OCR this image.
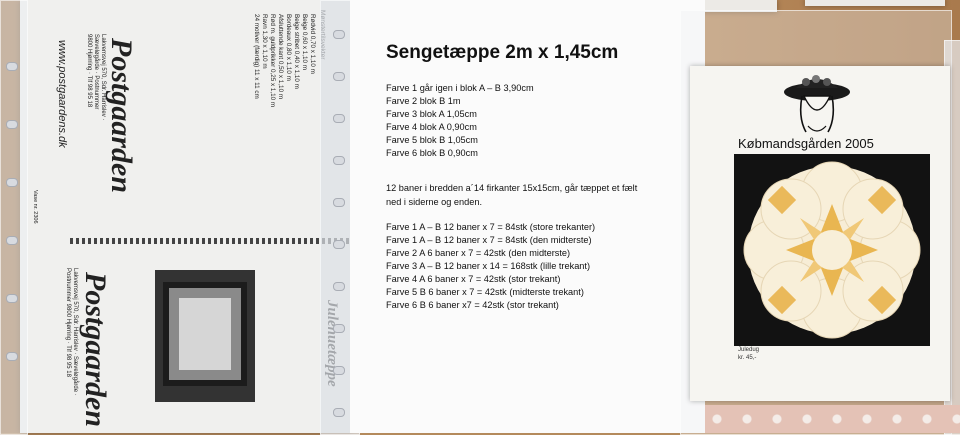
Postgaarden
Lakvemsvej 570, Sdr. Harrislev · Sæveløgårde · Postnummer 9800 Hjørring · Tlf 98 95 18
www.postgaardens.dk	Rødvid 0,70 x 1,10 m
Beige 0,60 x 1,10 m
Beige stribet 0,40 x 1,10 m
Bordeaux 0,80 x 1,10 m
Afsluttende kant 0,50 x 1,10 m
Rød m. guldprikker 0,25 x 1,10 m
Ravn 1,30 x 1,10 m
24 motiver (færdig) 11 x 11 cm
Vase nr. 2306
Postgaarden
Lakvemsvej 570, Sdr. Harrislev · Sæveløgårde · Postnummer 9800 Hjørring · Tlf 98 95 18
Sengetæppe 2m x 1,45cm
Farve 1 går igen i blok A – B 3,90cm
Farve 2 blok B 1m
Farve 3 blok A 1,05cm
Farve 4 blok A 0,90cm
Farve 5 blok B 1,05cm
Farve 6 blok B 0,90cm
12 baner i bredden a´14 firkanter 15x15cm, går tæppet et fælt
ned i siderne og enden.
Farve 1 A – B 12 baner x 7 = 84stk (store trekanter)
Farve 1 A – B 12 baner x 7 = 84stk (den midterste)
Farve 2 A 6 baner x 7 = 42stk (den midterste)
Farve 3 A – B 12 baner x 14 = 168stk (lille trekant)
Farve 4 A 6 baner x 7 = 42stk (stor trekant)
Farve 5 B 6 baner x 7 = 42stk (midterste trekant)
Farve 6 B 6 baner x7 = 42stk (stor trekant)
Købmandsgården 2005
Juledug
kr. 45,-
